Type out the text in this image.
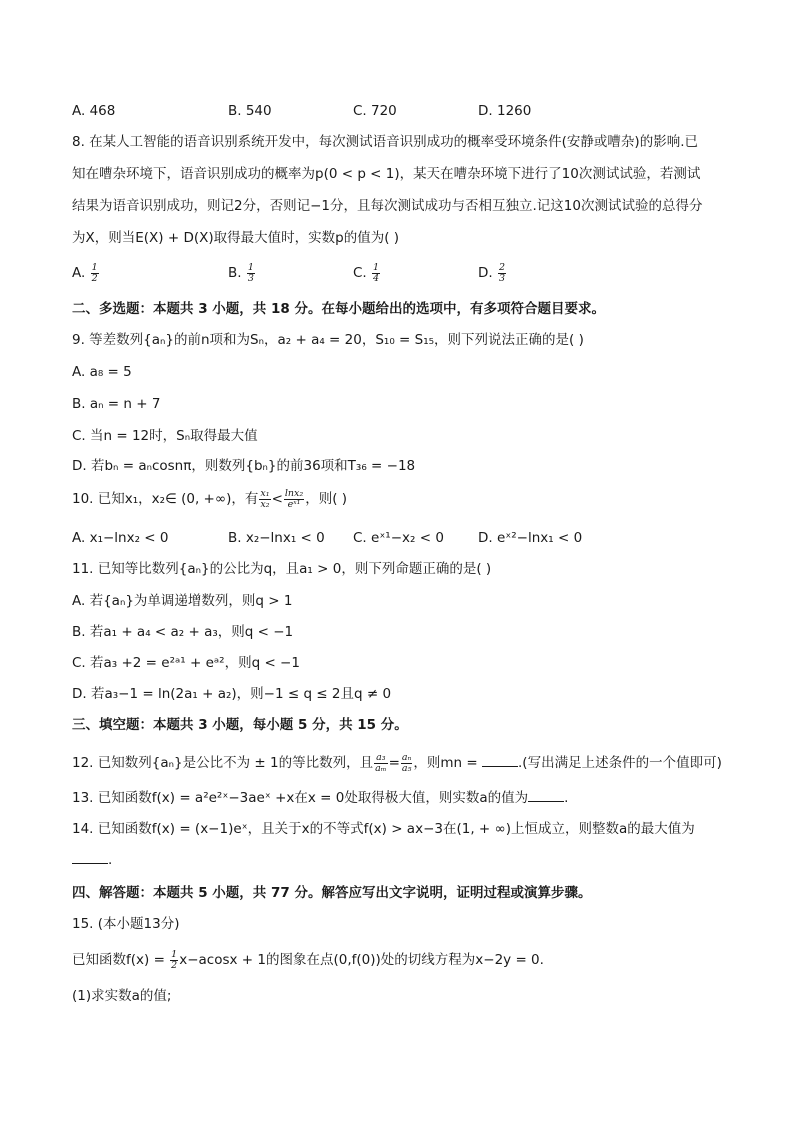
A. 468	B. 540	C. 720	D. 1260
8. 在某人工智能的语音识别系统开发中，每次测试语音识别成功的概率受环境条件(安静或嘈杂)的影响.已
知在嘈杂环境下，语音识别成功的概率为p(0 < p < 1)，某天在嘈杂环境下进行了10次测试试验，若测试
结果为语音识别成功，则记2分，否则记−1分，且每次测试成功与否相互独立.记这10次测试试验的总得分
为X，则当E(X) + D(X)取得最大值时，实数p的值为( )
A. $\frac{1}{2}$	B. $\frac{1}{3}$	C. $\frac{1}{4}$	D. $\frac{2}{3}$
二、多选题：本题共 3 小题，共 18 分。在每小题给出的选项中，有多项符合题目要求。
9. 等差数列{aₙ}的前n项和为Sₙ，a₂ + a₄ = 20，S₁₀ = S₁₅，则下列说法正确的是( )
A. a₈ = 5
B. aₙ = n + 7
C. 当n = 12时，Sₙ取得最大值
D. 若bₙ = aₙcosnπ，则数列{bₙ}的前36项和T₃₆ = −18
10. 已知x₁，x₂∈ (0, +∞)，有 $\frac{\text{x₁}}{\text{x₂}} < \frac{\text{lnx₂}}{\text{eˣ¹}}$ ，则( )
A. x₁−lnx₂ < 0	B. x₂−lnx₁ < 0 C. eˣ¹−x₂ < 0	D. eˣ²−lnx₁ < 0
11. 已知等比数列{aₙ}的公比为q，且a₁ > 0，则下列命题正确的是( )
A. 若{aₙ}为单调递增数列，则q > 1
B. 若a₁ + a₄ < a₂ + a₃，则q < −1
C. 若a₃ +2 = e²ᵃ¹ + eᵃ²，则q < −1
D. 若a₃−1 = ln(2a₁ + a₂)，则−1 ≤ q ≤ 2且q ≠ 0
三、填空题：本题共 3 小题，每小题 5 分，共 15 分。
12. 已知数列{aₙ}是公比不为 ± 1的等比数列，且 $\frac{\text{a₃}}{\text{aₘ}} = \frac{\text{aₙ}}{\text{a₅}}$ ，则mn =	.(写出满足上述条件的一个值即可)
13. 已知函数f(x) = a²e²ˣ−3aeˣ +x在x = 0处取得极大值，则实数a的值为	.
14. 已知函数f(x) = (x−1)eˣ，且关于x的不等式f(x) > ax−3在(1, + ∞)上恒成立，则整数a的最大值为
.
四、解答题：本题共 5 小题，共 77 分。解答应写出文字说明，证明过程或演算步骤。
15. (本小题13分)
已知函数$f(x) = \frac{1}{2} x-acosx + 1$的图象在点(0,f(0))处的切线方程为x−2y = 0.
(1)求实数a的值;
